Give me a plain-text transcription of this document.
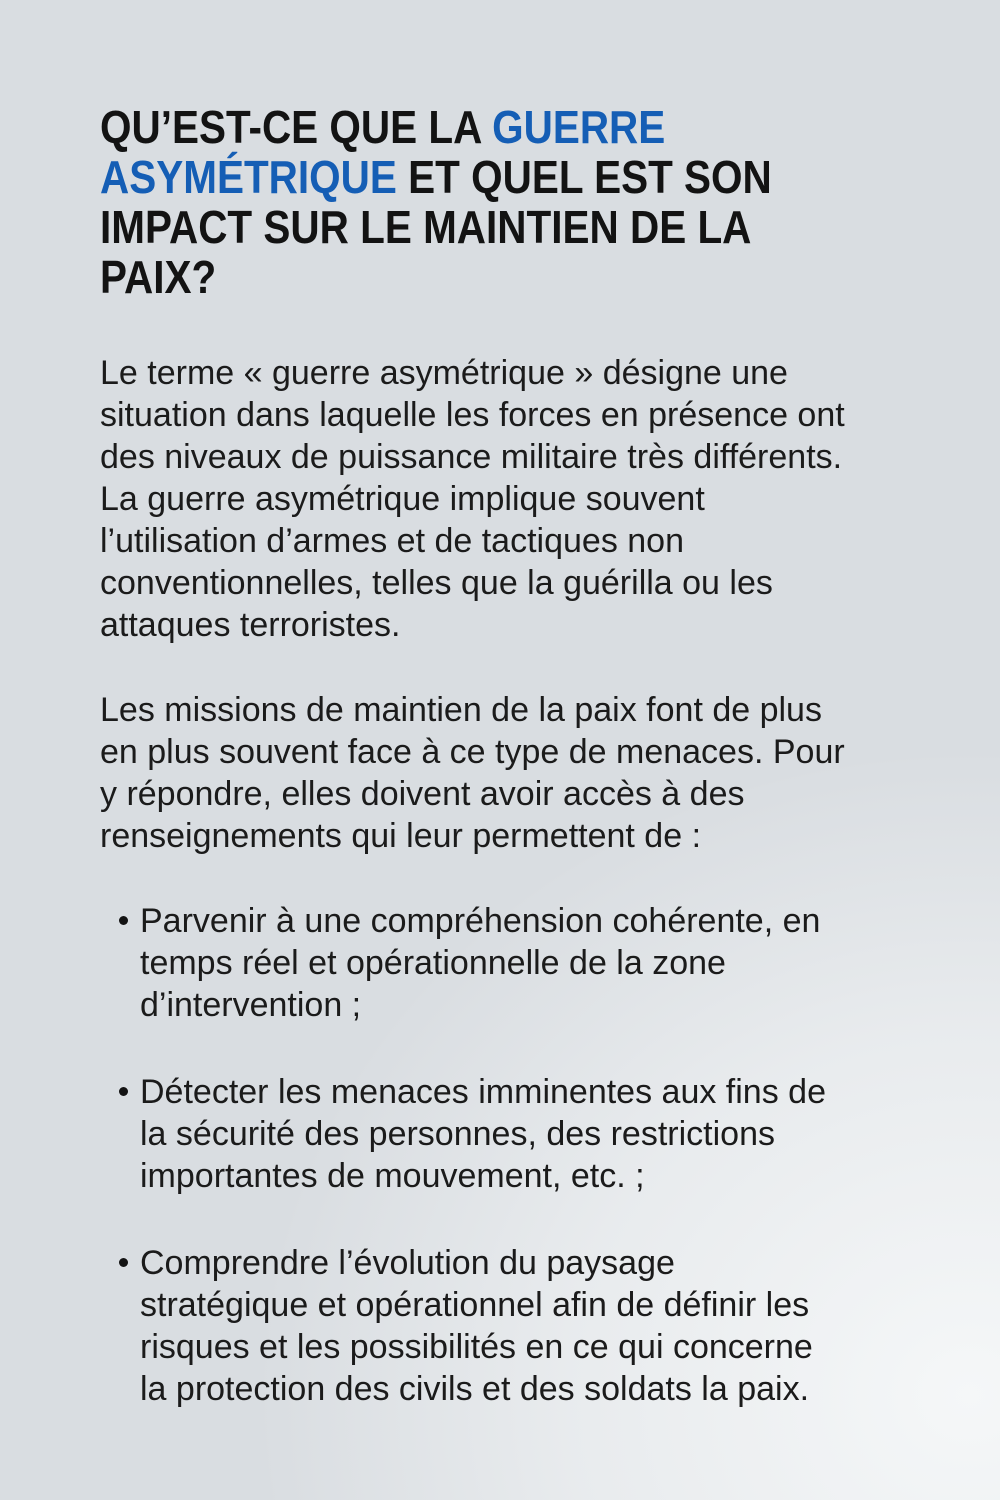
QU’EST-CE QUE LA GUERRE
ASYMÉTRIQUE ET QUEL EST SON
IMPACT SUR LE MAINTIEN DE LA
PAIX?

Le terme « guerre asymétrique » désigne une situation dans laquelle les forces en présence ont des niveaux de puissance militaire très différents. La guerre asymétrique implique souvent l’utilisation d’armes et de tactiques non conventionnelles, telles que la guérilla ou les attaques terroristes.

Les missions de maintien de la paix font de plus en plus souvent face à ce type de menaces. Pour y répondre, elles doivent avoir accès à des renseignements qui leur permettent de :

Parvenir à une compréhension cohérente, en temps réel et opérationnelle de la zone d’intervention ;
Détecter les menaces imminentes aux fins de la sécurité des personnes, des restrictions importantes de mouvement, etc. ;
Comprendre l’évolution du paysage stratégique et opérationnel afin de définir les risques et les possibilités en ce qui concerne la protection des civils et des soldats la paix.
